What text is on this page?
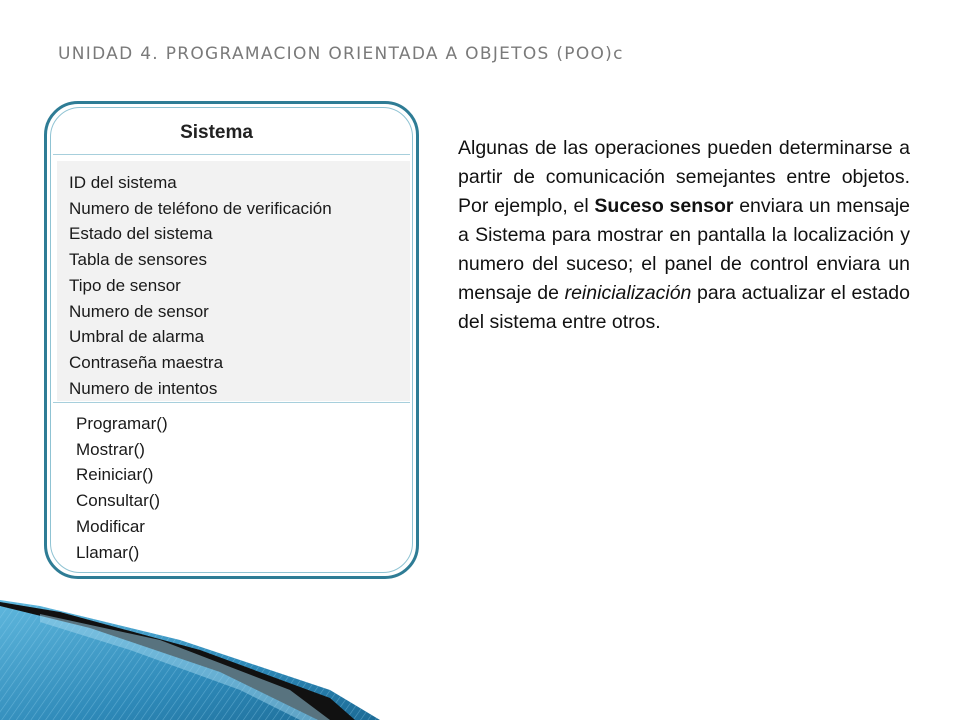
UNIDAD 4. PROGRAMACION ORIENTADA A OBJETOS (POO)c
Sistema
ID del sistema
Numero de teléfono de verificación
Estado del sistema
Tabla de sensores
Tipo de sensor
Numero de sensor
Umbral de alarma
Contraseña maestra
Numero de intentos
Programar()
Mostrar()
Reiniciar()
Consultar()
Modificar
Llamar()

Algunas de las operaciones pueden determinarse a partir de comunicación semejantes entre objetos. Por ejemplo, el Suceso sensor enviara un mensaje a Sistema para mostrar en pantalla la localización y numero del suceso; el panel de control enviara un mensaje de reinicialización para actualizar el estado del sistema entre otros.
